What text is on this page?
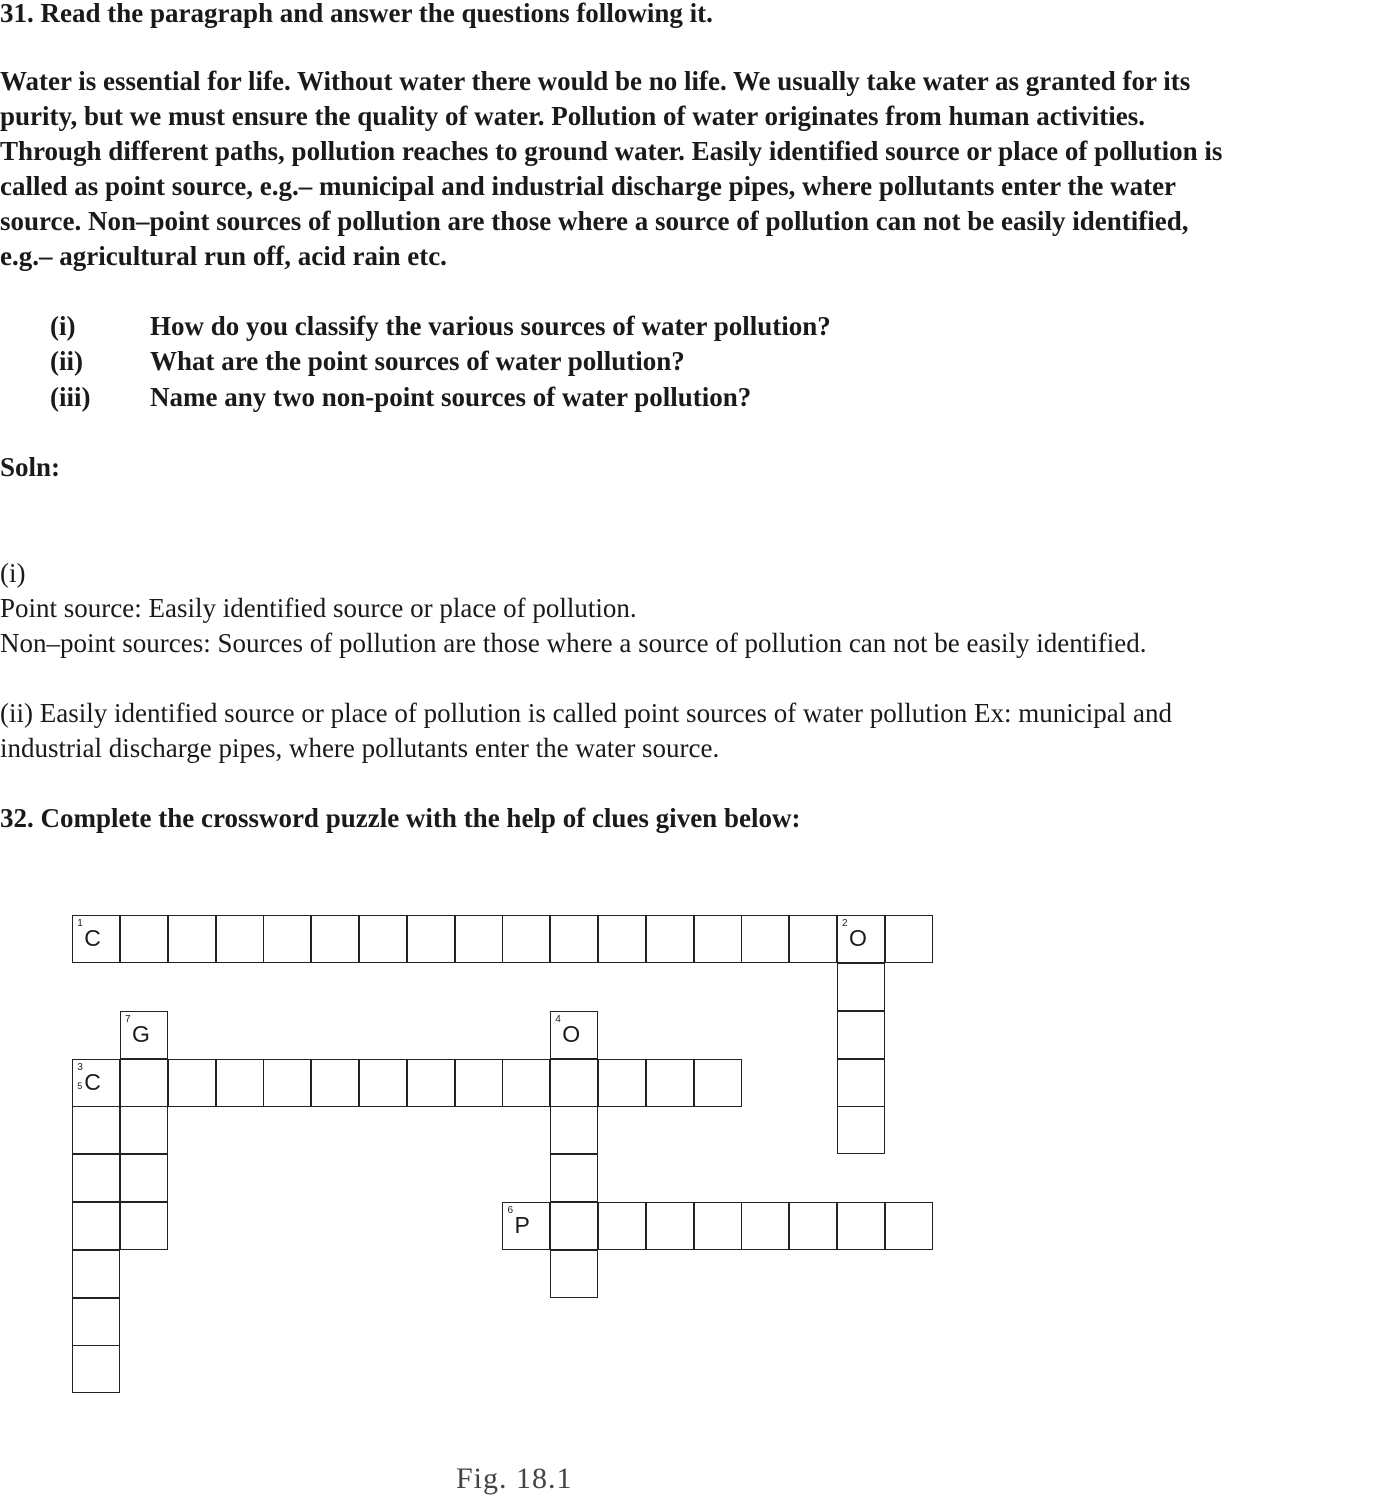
31. Read the paragraph and answer the questions following it.
Water is essential for life. Without water there would be no life. We usually take water as granted for its
purity, but we must ensure the quality of water. Pollution of water originates from human activities.
Through different paths, pollution reaches to ground water. Easily identified source or place of pollution is
called as point source, e.g.– municipal and industrial discharge pipes, where pollutants enter the water
source. Non–point sources of pollution are those where a source of pollution can not be easily identified,
e.g.– agricultural run off, acid rain etc.
(i)	How do you classify the various sources of water pollution?
(ii) What are the point sources of water pollution?
(iii) Name any two non-point sources of water pollution?
Soln:
(i)
Point source: Easily identified source or place of pollution.
Non–point sources: Sources of pollution are those where a source of pollution can not be easily identified.
(ii) Easily identified source or place of pollution is called point sources of water pollution Ex: municipal and
industrial discharge pipes, where pollutants enter the water source.
32. Complete the crossword puzzle with the help of clues given below:
1
C
2
O
3
5 C
7
G
4
O
6
P
Fig. 18.1
